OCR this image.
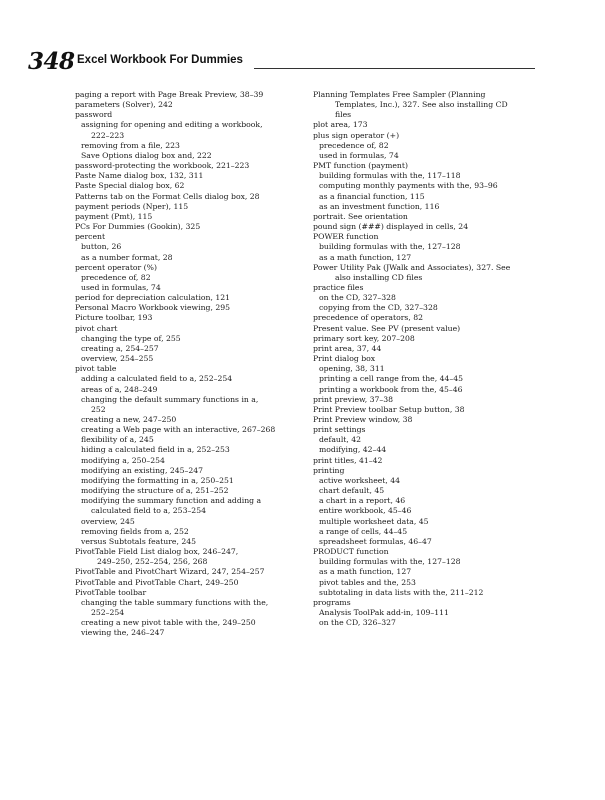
348 Excel Workbook For Dummies
paging a report with Page Break Preview, 38–39
parameters (Solver), 242
password
assigning for opening and editing a workbook,
222–223
removing from a file, 223
Save Options dialog box and, 222
password-protecting the workbook, 221–223
Paste Name dialog box, 132, 311
Paste Special dialog box, 62
Patterns tab on the Format Cells dialog box, 28
payment periods (Nper), 115
payment (Pmt), 115
PCs For Dummies (Gookin), 325
percent
button, 26
as a number format, 28
percent operator (%)
precedence of, 82
used in formulas, 74
period for depreciation calculation, 121
Personal Macro Workbook viewing, 295
Picture toolbar, 193
pivot chart
changing the type of, 255
creating a, 254–257
overview, 254–255
pivot table
adding a calculated field to a, 252–254
areas of a, 248–249
changing the default summary functions in a,
252
creating a new, 247–250
creating a Web page with an interactive, 267–268
flexibility of a, 245
hiding a calculated field in a, 252–253
modifying a, 250–254
modifying an existing, 245–247
modifying the formatting in a, 250–251
modifying the structure of a, 251–252
modifying the summary function and adding a
calculated field to a, 253–254
overview, 245
removing fields from a, 252
versus Subtotals feature, 245
PivotTable Field List dialog box, 246–247,
249–250, 252–254, 256, 268
PivotTable and PivotChart Wizard, 247, 254–257
PivotTable and PivotTable Chart, 249–250
PivotTable toolbar
changing the table summary functions with the,
252–254
creating a new pivot table with the, 249–250
viewing the, 246–247
Planning Templates Free Sampler (Planning
Templates, Inc.), 327. See also installing CD
files
plot area, 173
plus sign operator (+)
precedence of, 82
used in formulas, 74
PMT function (payment)
building formulas with the, 117–118
computing monthly payments with the, 93–96
as a financial function, 115
as an investment function, 116
portrait. See orientation
pound sign (###) displayed in cells, 24
POWER function
building formulas with the, 127–128
as a math function, 127
Power Utility Pak (JWalk and Associates), 327. See
also installing CD files
practice files
on the CD, 327–328
copying from the CD, 327–328
precedence of operators, 82
Present value. See PV (present value)
primary sort key, 207–208
print area, 37, 44
Print dialog box
opening, 38, 311
printing a cell range from the, 44–45
printing a workbook from the, 45–46
print preview, 37–38
Print Preview toolbar Setup button, 38
Print Preview window, 38
print settings
default, 42
modifying, 42–44
print titles, 41–42
printing
active worksheet, 44
chart default, 45
a chart in a report, 46
entire workbook, 45–46
multiple worksheet data, 45
a range of cells, 44–45
spreadsheet formulas, 46–47
PRODUCT function
building formulas with the, 127–128
as a math function, 127
pivot tables and the, 253
subtotaling in data lists with the, 211–212
programs
Analysis ToolPak add-in, 109–111
on the CD, 326–327
